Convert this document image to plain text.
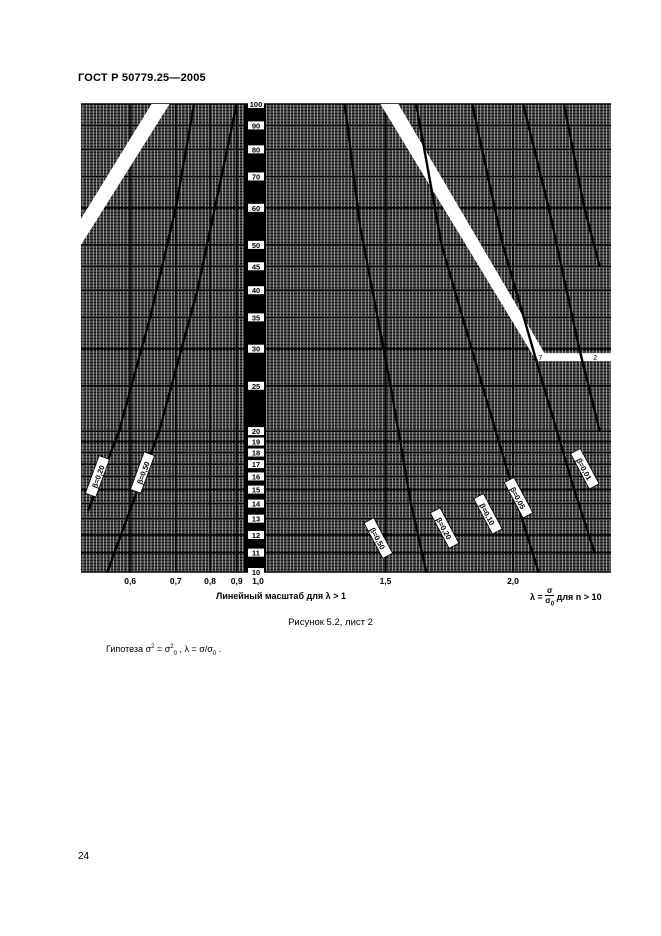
ГОСТ Р 50779.25—2005
1,7	2
100
90
80
70
60
50
45
40
35
30
25
20
19
18
17
16
15
14
13
12
11
10
0,6	0,7	0,8 0,9 1,0	1,5	2,0
β=0,20	β=0,50
β=0,50	β=0,20
β=0,10
β=0,05
β=0,01
Линейный масштаб для λ > 1	$\lambda = \frac{\sigma}{\sigma_0}$ для n > 10
Рисунок 5.2, лист 2
Гипотеза $\sigma^2 = \sigma^2_0$ , $\lambda = \sigma/\sigma_0$ .
24
